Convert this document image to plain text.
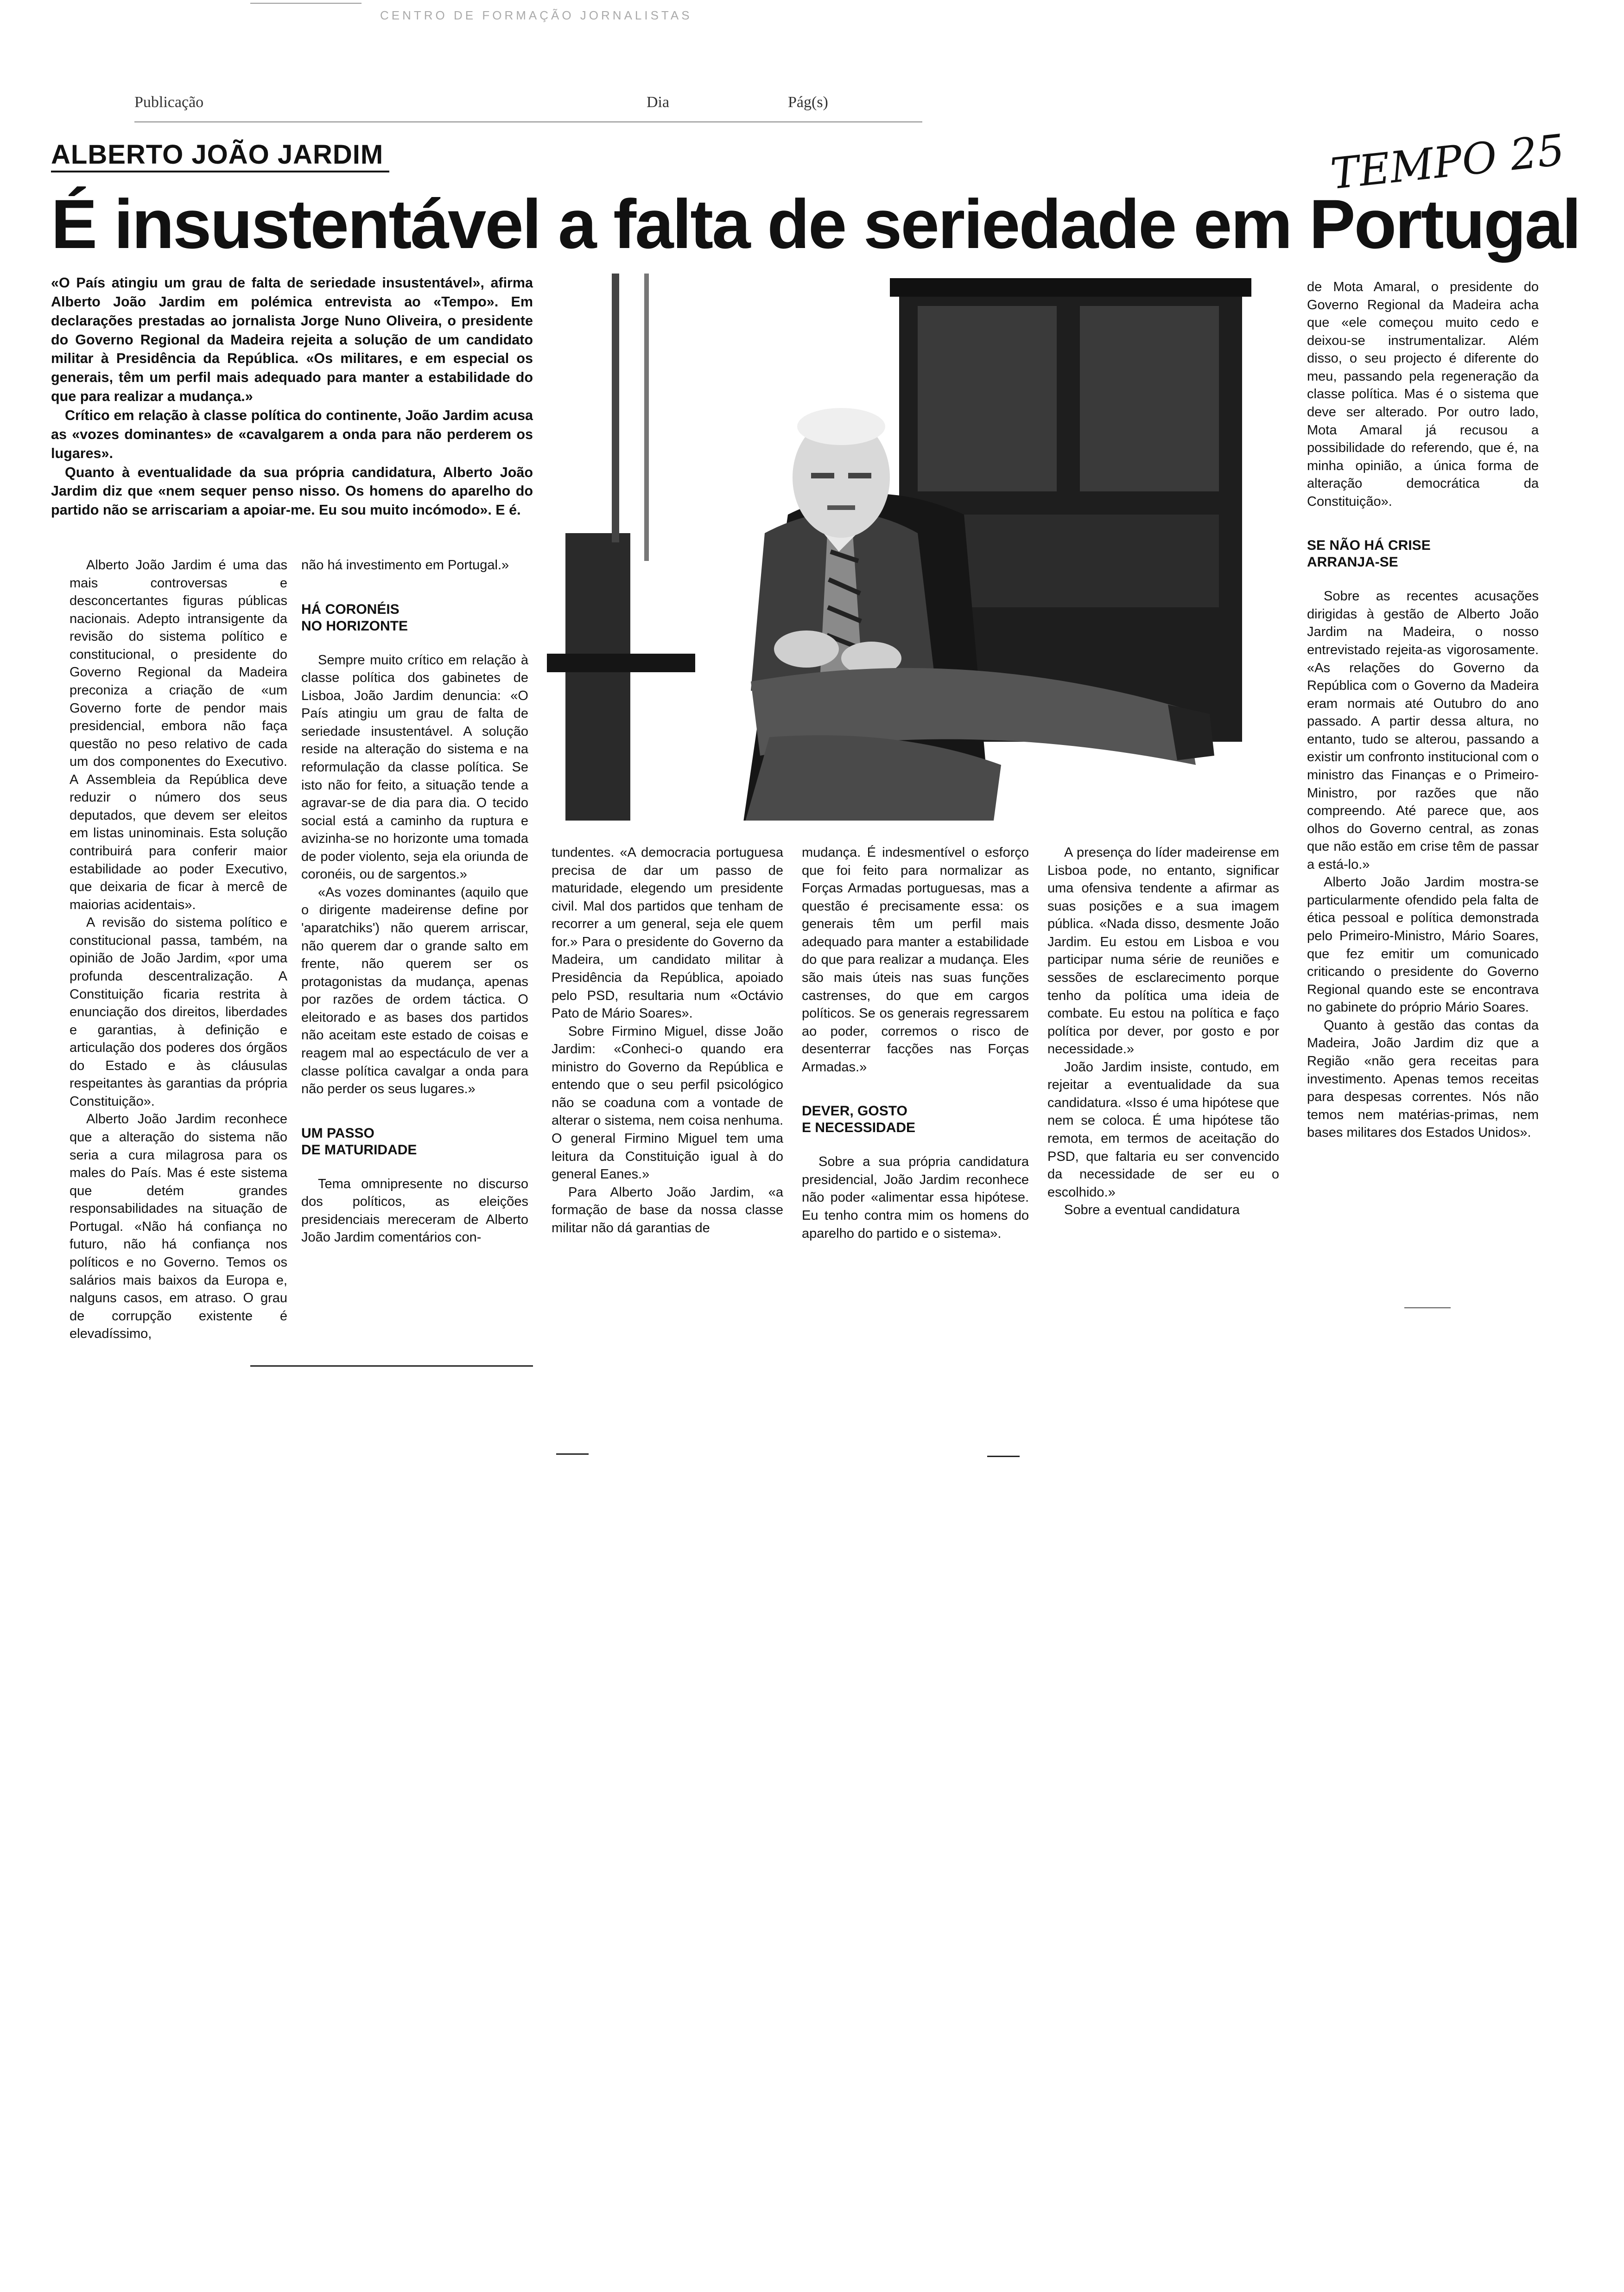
CENTRO DE FORMAÇÃO JORNALISTAS
Publicação	Dia	Pág(s)
ALBERTO JOÃO JARDIM	TEMPO 25
É insustentável a falta de seriedade em Portugal

«O País atingiu um grau de falta de seriedade insustentável», afirma Alberto João Jardim em polémica entrevista ao «Tempo». Em declarações prestadas ao jornalista Jorge Nuno Oliveira, o presidente do Governo Regional da Madeira rejeita a solução de um candidato militar à Presidência da República. «Os militares, e em especial os generais, têm um perfil mais adequado para manter a estabilidade do que para realizar a mudança.»

Crítico em relação à classe política do continente, João Jardim acusa as «vozes dominantes» de «cavalgarem a onda para não perderem os lugares».

Quanto à eventualidade da sua própria candidatura, Alberto João Jardim diz que «nem sequer penso nisso. Os homens do aparelho do partido não se arriscariam a apoiar-me. Eu sou muito incómodo». E é.

Alberto João Jardim é uma das mais controversas e desconcertantes figuras públicas nacionais. Adepto intransigente da revisão do sistema político e constitucional, o presidente do Governo Regional da Madeira preconiza a criação de «um Governo forte de pendor mais presidencial, embora não faça questão no peso relativo de cada um dos componentes do Executivo. A Assembleia da República deve reduzir o número dos seus deputados, que devem ser eleitos em listas uninominais. Esta solução contribuirá para conferir maior estabilidade ao poder Executivo, que deixaria de ficar à mercê de maiorias acidentais».

A revisão do sistema político e constitucional passa, também, na opinião de João Jardim, «por uma profunda descentralização. A Constituição ficaria restrita à enunciação dos direitos, liberdades e garantias, à definição e articulação dos poderes dos órgãos do Estado e às cláusulas respeitantes às garantias da própria Constituição».

Alberto João Jardim reconhece que a alteração do sistema não seria a cura milagrosa para os males do País. Mas é este sistema que detém grandes responsabilidades na situação de Portugal. «Não há confiança no futuro, não há confiança nos políticos e no Governo. Temos os salários mais baixos da Europa e, nalguns casos, em atraso. O grau de corrupção existente é elevadíssimo,

não há investimento em Portugal.»

HÁ CORONÉIS
NO HORIZONTE

Sempre muito crítico em relação à classe política dos gabinetes de Lisboa, João Jardim denuncia: «O País atingiu um grau de falta de seriedade insustentável. A solução reside na alteração do sistema e na reformulação da classe política. Se isto não for feito, a situação tende a agravar-se de dia para dia. O tecido social está a caminho da ruptura e avizinha-se no horizonte uma tomada de poder violento, seja ela oriunda de coronéis, ou de sargentos.»

«As vozes dominantes (aquilo que o dirigente madeirense define por 'aparatchiks') não querem arriscar, não querem dar o grande salto em frente, não querem ser os protagonistas da mudança, apenas por razões de ordem táctica. O eleitorado e as bases dos partidos não aceitam este estado de coisas e reagem mal ao espectáculo de ver a classe política cavalgar a onda para não perder os seus lugares.»

UM PASSO
DE MATURIDADE

Tema omnipresente no discurso dos políticos, as eleições presidenciais mereceram de Alberto João Jardim comentários con-

tundentes. «A democracia portuguesa precisa de dar um passo de maturidade, elegendo um presidente civil. Mal dos partidos que tenham de recorrer a um general, seja ele quem for.» Para o presidente do Governo da Madeira, um candidato militar à Presidência da República, apoiado pelo PSD, resultaria num «Octávio Pato de Mário Soares».

Sobre Firmino Miguel, disse João Jardim: «Conheci-o quando era ministro do Governo da República e entendo que o seu perfil psicológico não se coaduna com a vontade de alterar o sistema, nem coisa nenhuma. O general Firmino Miguel tem uma leitura da Constituição igual à do general Eanes.»

Para Alberto João Jardim, «a formação de base da nossa classe militar não dá garantias de

mudança. É indesmentível o esforço que foi feito para normalizar as Forças Armadas portuguesas, mas a questão é precisamente essa: os generais têm um perfil mais adequado para manter a estabilidade do que para realizar a mudança. Eles são mais úteis nas suas funções castrenses, do que em cargos políticos. Se os generais regressarem ao poder, corremos o risco de desenterrar facções nas Forças Armadas.»

DEVER, GOSTO
E NECESSIDADE

Sobre a sua própria candidatura presidencial, João Jardim reconhece não poder «alimentar essa hipótese. Eu tenho contra mim os homens do aparelho do partido e o sistema».

A presença do líder madeirense em Lisboa pode, no entanto, significar uma ofensiva tendente a afirmar as suas posições e a sua imagem pública. «Nada disso, desmente João Jardim. Eu estou em Lisboa e vou participar numa série de reuniões e sessões de esclarecimento porque tenho da política uma ideia de combate. Eu estou na política e faço política por dever, por gosto e por necessidade.»

João Jardim insiste, contudo, em rejeitar a eventualidade da sua candidatura. «Isso é uma hipótese que nem se coloca. É uma hipótese tão remota, em termos de aceitação do PSD, que faltaria eu ser convencido da necessidade de ser eu o escolhido.»

Sobre a eventual candidatura

de Mota Amaral, o presidente do Governo Regional da Madeira acha que «ele começou muito cedo e deixou-se instrumentalizar. Além disso, o seu projecto é diferente do meu, passando pela regeneração da classe política. Mas é o sistema que deve ser alterado. Por outro lado, Mota Amaral já recusou a possibilidade do referendo, que é, na minha opinião, a única forma de alteração democrática da Constituição».

SE NÃO HÁ CRISE
ARRANJA-SE

Sobre as recentes acusações dirigidas à gestão de Alberto João Jardim na Madeira, o nosso entrevistado rejeita-as vigorosamente. «As relações do Governo da República com o Governo da Madeira eram normais até Outubro do ano passado. A partir dessa altura, no entanto, tudo se alterou, passando a existir um confronto institucional com o ministro das Finanças e o Primeiro-Ministro, por razões que não compreendo. Até parece que, aos olhos do Governo central, as zonas que não estão em crise têm de passar a está-lo.»

Alberto João Jardim mostra-se particularmente ofendido pela falta de ética pessoal e política demonstrada pelo Primeiro-Ministro, Mário Soares, que fez emitir um comunicado criticando o presidente do Governo Regional quando este se encontrava no gabinete do próprio Mário Soares.

Quanto à gestão das contas da Madeira, João Jardim diz que a Região «não gera receitas para investimento. Apenas temos receitas para despesas correntes. Nós não temos nem matérias-primas, nem bases militares dos Estados Unidos».
